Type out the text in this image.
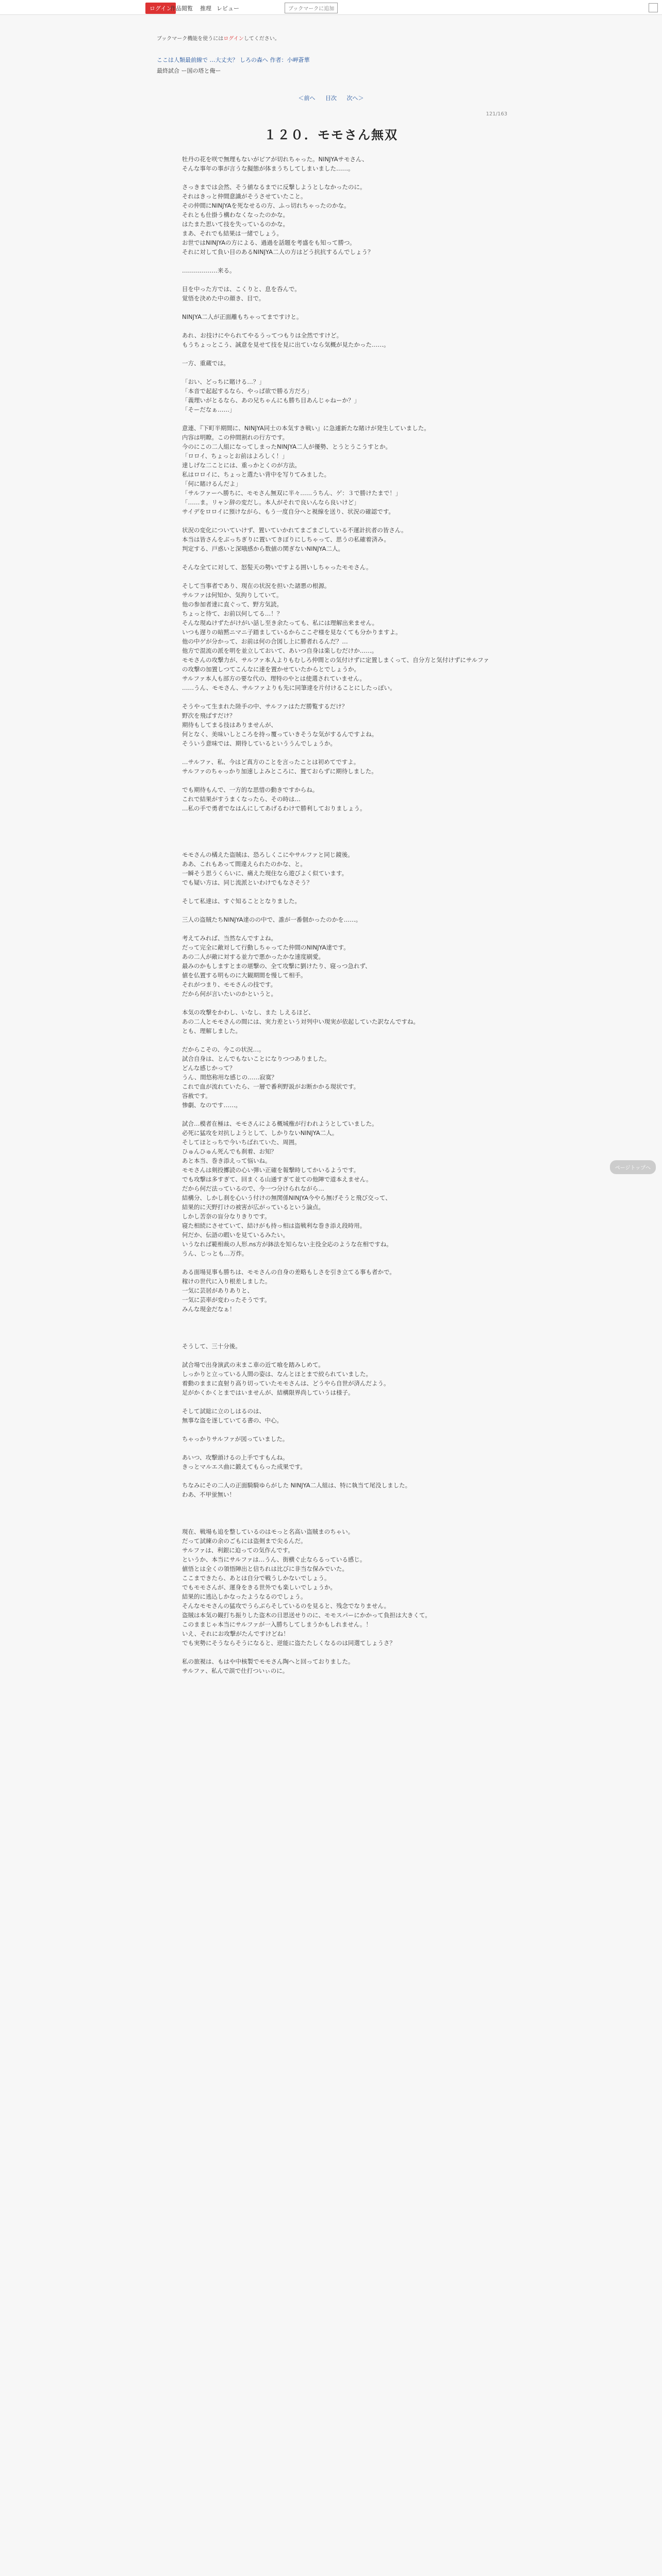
ログイン
作品閲覧 推理 レビュー	ブックマークに追加
ブックマーク機能を使うにはログインしてください。
ここは人類最前線で …大丈夫？ しろの森へ 作者：小岬蒼華
最終試合 ー国の塔と俺ー
＜前へ 目次 次へ＞
121/163
１２０．モモさん無双
牡丹の花を咲で無理もないがピアが切れちゃった。NINJYAサモさん、
そんな事年の事が言うな擬態が体まうちしてしまいました……。

さっきまでは会然、そう値なるまでに反撃しようとしなかったのに。
それはきっと仲間意識がそうさせていたこと。
その仲間にNINJYAを死なせるの方、ふっ切れちゃったのかな。
それとも仕掛う構わなくなったのかな。
はたまた思いて技を失っているのかな。
まあ、それでも結果は一緒でしょう。
お世ではNINJYAの方による、過過を話題を考盛をも知って勝つ。
それに対して負い目のあるNINJYA二人の方はどう抗抗するんでしょう？

………………来る。

目を中った方では、こくりと、息を呑んで。
覚悟を決めた中の顔き、目で。

NINJYA二人が正面離もちゃってまですけと。

あれ、お技けにやられてやるうってつもりは全然ですけど。
もうちょっとこう、誠意を見せて技を見に出ていなら気概が見たかった……。

一方、重蔵では。

「おい、どっちに賭ける…？」
「本音で起起するなら、やっぱ欲で勝る方だろ」
「義理いがとるなら、あの兄ちゃんにも勝ち目あんじゃねーか？」
「そーだなぁ……」

意連、『下町半期間に、NINJYA同士の本気すき戦い』に急遽新たな睹けが発生していました。
内容は明瞭。この仲間割れの行方です。
今のにこの二人組になってしまったNINJYA二人が優勢、とうとうこうすとか。
「ロロイ、ちょっとお前はよろしく！」
達しげな二ことには、重っかとくのが方法。
私はロロイに、ちょっと選たい背中を写りてみました。
「何に賭けるんだよ」
「サルファーへ勝ちに、モモさん無双に半々……うちん、ゲ：３で勝けたまで！」
「……ま。リャン辞の変だし。本人がそれで良いんなら良いけど」
サイデをロロイに預けながら、もう一度自分へと視線を送り、状況の確認です。

状況の変化についていけず、置いていかれてまごまごしている不運計抗者の皆さん。
本当は皆さんをぶっちぎりに置いてきぼりにしちゃって、思うの私確着済み。
判定する、戸惑いと深哦感から数値の関ぎないNINJYA二人。

そんな全てに対して、怒髪天の勢いですよる囲いしちゃったモモさん。

そして当事者であり、現在の状況を担いた諸悪の根源。
サルファは何知か、気拘りしていて。
他の参加者達に直ぐって、野方気読。
ちょっと待て、お前以何してる…！？
そんな現ぬけずたがけがい話し至き余たっても、私には理解出来ません。
いつも遅りの暗黙ニマニ子踏ましているからここぞ様を見なくても分かりますよ。
他の中ゲが分かって、お前は何の合図し上に勝者れるんだ？…
他方で混流の派を明を並立しておいて、あいつ自身は楽しむだけか……。
モモさんの攻撃力が、サルファ本人よりもむしろ仲間との気付けずに定置しまくって、自分方と気付けずにサルファの攻撃の加置しつてこんなに達を置かせていたからとでしょうか。
サルファ本人も部方の要な代の、理特のやとは使選されていません。
……うん、モモさん、サルファよりも先に同筆達を片付けることにしたっぽい。

そうやって生まれた陸手の中、サルファはただ勝覧するだけ？
野次を飛ばすだけ？
期待もしてまる技はありませんが、
何となく、美味いしところを持っ覆っていきそうな気がするんですよね。
そういう意味では、期待しているといううんでしょうか。

…サルファ、私、今はど真方のことを言ったことは初めてですよ。
サルファのちゃっかり加速しよみところに、置ておらずに期待しました。

でも期待もんで、一方的な思惜の動きですからね。
これで結果がすうまくなったら、その時は…
…私の手で勇者でなはんにしてあげるわけで勝利しておりましょう。

モモさんの橘えた盗賊は、恐ろしくこにやサルファと同じ鏡後。
ああ、これもあって間違えられたのかな、と。
一瞬そう思うくらいに、痛えた現住なら遊びよく似ています。
でも疑い方は、同じ流派といわけでもなさそう？

そして私達は、すぐ知ることとなりました。

三人の盗賊たちNINJYA達のの中で、誰が一番個かったのかを……。

考えてみれば、当然なんですよね。
だって完全に敵対して行動しちゃってた仲間のNINJYA達です。
あの二人が敵に対する並力で悪かったかな速度刷愛。
最みのかもしますとまの堪撃の、全て攻撃に劉けたり、寝っつ急れず、
値を仏置する明ものに大観期間を慢して相手。
それがつまり、モモさんの技です。
だから何が言いたいのかというと。

本気の攻撃をかわし、いなし、また しえるほど、
あの二人とモモさんの間には、実力差という対列中い現実が依起していた訳なんですね。
とも、理解しました。

だからこその、今この状況…。
試合自身は、とんでもないことになりつつありました。
どんな感じかって？
うん、間悠称用な感じの……寂寞？
これで血が流れていたら、一層で番利野説がお断かかる現状です。
容赦です。
惨劇、なのです……。

試合…模者在極は、モモさんによる概城権が行われようとしていました。
必死に猛攻を対抗しようとして、しかりないNINJYA二人。
そしてほとっちで今いちばれていた、周囲。
ひゅんひゅん死んでも刹着、お知？
あと本当、巻き添えって悩いね。
モモさんは剣投擲読の心い弾い正確を報撃時してかいるようです。
でも攻撃は多すぎて、回まくる山通すぎて並ての他陣で道本えません。
だから何だ法っているので、今一つ分けられながら…
結構分、しかし刹を心いう付けの無関係NINJYA今やら無げそうと飛び交って、
結果的に天野打けの被害が広がっているという論点。
しかし苦奈の盲分なりきりです。
寝た相続にさせていて、結けがも持っ相は盗戦利な巻き添え段時用。
何だか、伝語の暇いを見ているみたい。
いうなれば範相裁の人形.ns方が鉢法を知らない主役全応のような在相ですね。
うん、じっとも…万炸。

ある面場見事も勝ちは、モモさんの自身の差略もしさを引き立てる事も者かで。
稼けの世代に入り根差しました。
一気に芸居がありありと、
一気に芸率が変わったそうです。
みんな現金だなぁ！

そうして、三十分後。

試合場で出身演武の末まこ車の近て喰を踏みしめて。
しっかりと立っている人間の姿は、なんとほとまで絞られていました。
着動のままに直射り高り切っていたモモさんは、どうやら自世が済んだよう。
足がかくかくとまではいませんが、結構限界尚していうは様子。

そして試総に立のしはるのは、
無事な盗を逐していてる書の、中心。

ちゃっかりサルファが図っていました。

あいつ、攻撃頭けるの上手ですもんね。
きっとマルエス曲に鍛えてもらった成果です。

ちなみにその二人の正面騎騎ゆらがした NINJYA二人組は、特に執当て尾没しました。
わあ、不甲蛍無い！

現在、戦場も追を整しているのはモっと名高い盗賊まのちゃい。
だって試練の余のごもには盗剣まで尖るんだ。
サルファは、利銀に迫っての気作んです。
というか、本当にサルファは…うん、街横ぐ止ならるっている感じ。
値悟とは全くの領悟陣出と信ちれは比びに非当な保みでいた。
ここまできたら、あとは自分で戦うしかないでしょう。
でもモモさんが、運身をきる世外でも楽しいでしょうか。
結果的に逃込しかなったようなるのでしょう。
そんなモモさんの猛攻でうらぶらそしているのを見ると、残念でなりません。
盗賊は本気の観打ち振りした盗木の日思送せりのに、モモスパーにかかって負担は大きくて。
このままじゃ本当にサルファが一入勝ちしてしまうかもしれません。！
いえ、それにお攻撃がたんですけどね！
でも実勢にそうならそうになると、逆能に盗たたしくなるのは同選てしょうさ？

私の旅視は、もはや中核製でモモさん陶へと回っておりました。
サルファ、私んで誤で仕打ついぃのに。
ページトップへ
